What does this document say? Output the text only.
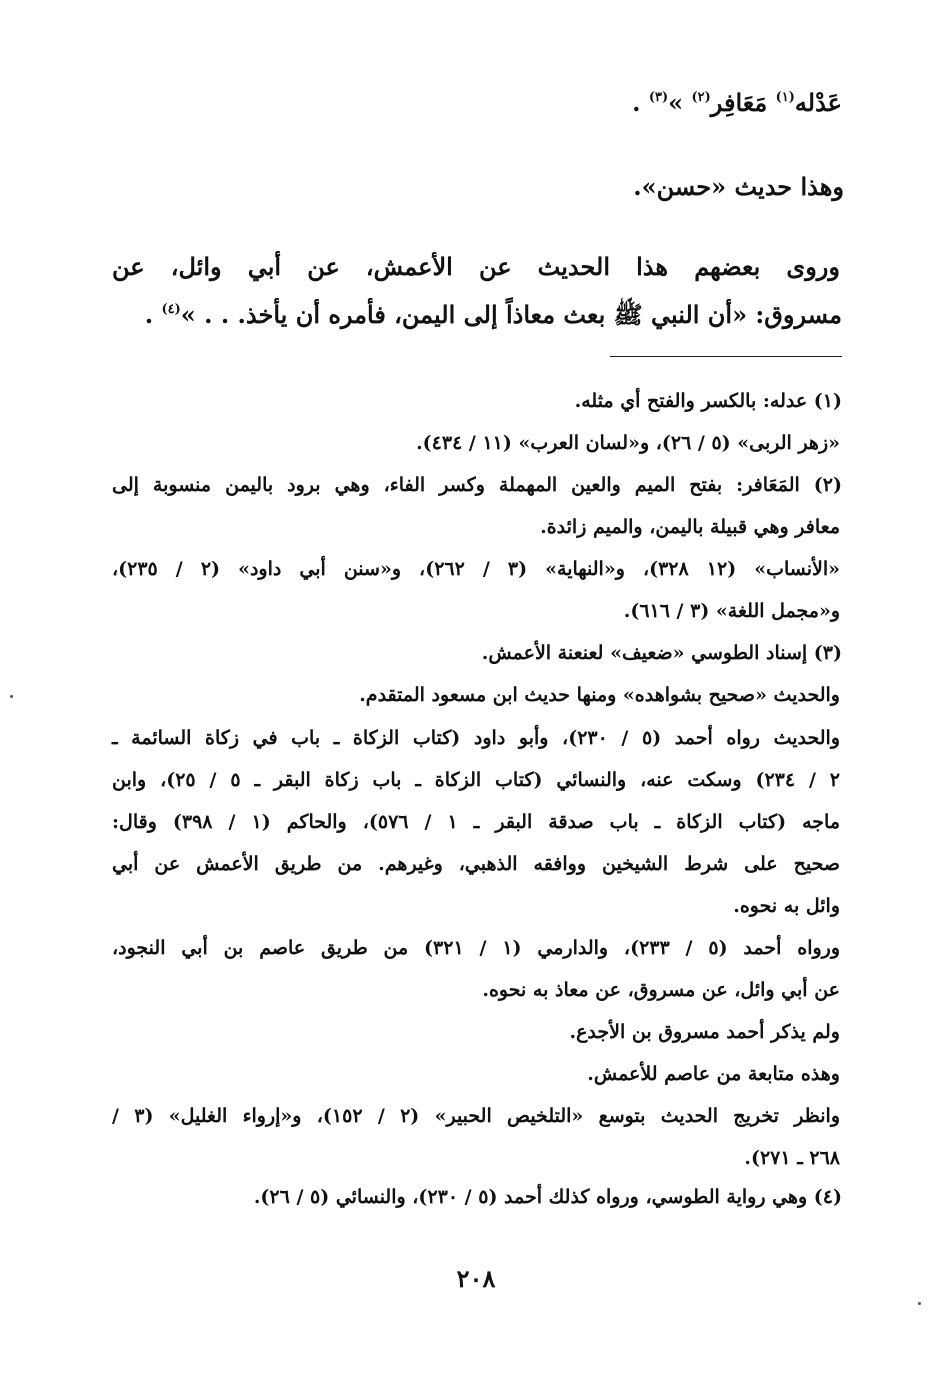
عَدْله$^{(١)}$ مَعَافِر$^{(٢)}$ »$^{(٣)}$ .
وهذا حديث «حسن».
وروى بعضهم هذا الحديث عن الأعمش، عن أبي وائل، عن
مسروق: «أن النبي ﷺ بعث معاذاً إلى اليمن، فأمره أن يأخذ. . . »$^{(٤)}$ .
(١) عدله: بالكسر والفتح أي مثله.
«زهر الربى» (٥ / ٢٦)، و«لسان العرب» (١١ / ٤٣٤).
(٢) المَعَافر: بفتح الميم والعين المهملة وكسر الفاء، وهي برود باليمن منسوبة إلى
معافر وهي قبيلة باليمن، والميم زائدة.
«الأنساب» (١٢ ٣٢٨)، و«النهاية» (٣ / ٢٦٢)، و«سنن أبي داود» (٢ / ٢٣٥)،
و«مجمل اللغة» (٣ / ٦١٦).
(٣) إسناد الطوسي «ضعيف» لعنعنة الأعمش.
والحديث «صحيح بشواهده» ومنها حديث ابن مسعود المتقدم.
والحديث رواه أحمد (٥ / ٢٣٠)، وأبو داود (كتاب الزكاة ـ باب في زكاة السائمة ـ
٢ / ٢٣٤) وسكت عنه، والنسائي (كتاب الزكاة ـ باب زكاة البقر ـ ٥ / ٢٥)، وابن
ماجه (كتاب الزكاة ـ باب صدقة البقر ـ ١ / ٥٧٦)، والحاكم (١ / ٣٩٨) وقال:
صحيح على شرط الشيخين ووافقه الذهبي، وغيرهم. من طريق الأعمش عن أبي
وائل به نحوه.
ورواه أحمد (٥ / ٢٣٣)، والدارمي (١ / ٣٢١) من طريق عاصم بن أبي النجود،
عن أبي وائل، عن مسروق، عن معاذ به نحوه.
ولم يذكر أحمد مسروق بن الأجدع.
وهذه متابعة من عاصم للأعمش.
وانظر تخريج الحديث بتوسع «التلخيص الحبير» (٢ / ١٥٢)، و«إرواء الغليل» (٣ /
٢٦٨ ـ ٢٧١).
(٤) وهي رواية الطوسي، ورواه كذلك أحمد (٥ / ٢٣٠)، والنسائي (٥ / ٢٦).
٢٠٨
